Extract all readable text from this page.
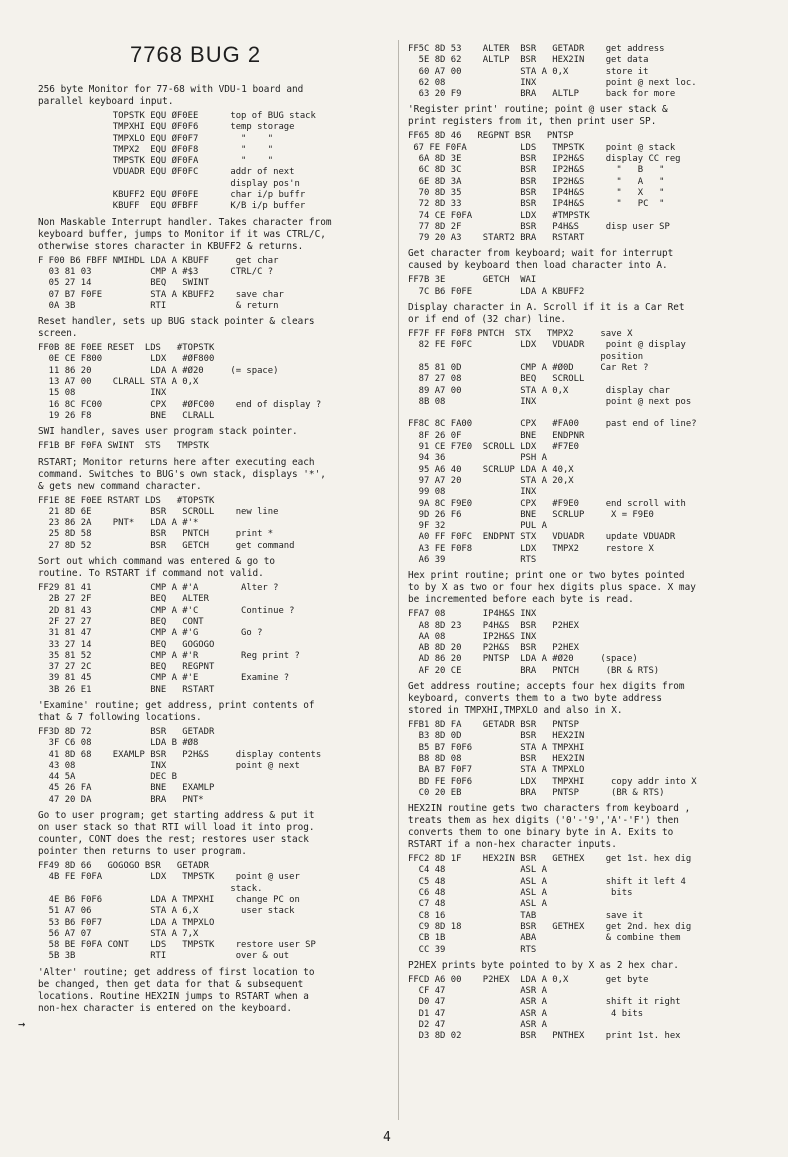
7768 BUG 2
256 byte Monitor for 77-68 with VDU-1 board and
parallel keyboard input.
TOPSTK EQU ØF0EE      top of BUG stack
TMPXHI EQU ØF0F6      temp storage
TMPXLO EQU ØF0F7        "    "
TMPX2  EQU ØF0F8        "    "
TMPSTK EQU ØF0FA        "    "
VDUADR EQU ØF0FC      addr of next
display pos'n
KBUFF2 EQU ØF0FE      char i/p buffr
KBUFF  EQU ØFBFF      K/B i/p buffer
Non Maskable Interrupt handler. Takes character from
keyboard buffer, jumps to Monitor if it was CTRL/C,
otherwise stores character in KBUFF2 & returns.
F F00 B6 FBFF NMIHDL LDA A KBUFF     get char
03 81 03           CMP A #$3      CTRL/C ?
05 27 14           BEQ   SWINT
07 B7 F0FE         STA A KBUFF2    save char
0A 3B              RTI             & return
Reset handler, sets up BUG stack pointer & clears
screen.
FF0B 8E F0EE RESET  LDS   #TOPSTK
0E CE F800         LDX   #ØF800
11 86 20           LDA A #Ø20     (= space)
13 A7 00    CLRALL STA A 0,X
15 08              INX
16 8C FC00         CPX   #ØFC00    end of display ?
19 26 F8           BNE   CLRALL
SWI handler, saves user program stack pointer.
FF1B BF F0FA SWINT  STS   TMPSTK
RSTART; Monitor returns here after executing each
command. Switches to BUG's own stack, displays '*',
& gets new command character.
FF1E 8E F0EE RSTART LDS   #TOPSTK
21 8D 6E           BSR   SCROLL    new line
23 86 2A    PNT*   LDA A #'*
25 8D 58           BSR   PNTCH     print *
27 8D 52           BSR   GETCH     get command
Sort out which command was entered & go to
routine. To RSTART if command not valid.
FF29 81 41           CMP A #'A        Alter ?
2B 27 2F           BEQ   ALTER
2D 81 43           CMP A #'C        Continue ?
2F 27 27           BEQ   CONT
31 81 47           CMP A #'G        Go ?
33 27 14           BEQ   GOGOGO
35 81 52           CMP A #'R        Reg print ?
37 27 2C           BEQ   REGPNT
39 81 45           CMP A #'E        Examine ?
3B 26 E1           BNE   RSTART
'Examine' routine; get address, print contents of
that & 7 following locations.
FF3D 8D 72           BSR   GETADR
3F C6 08           LDA B #Ø8
41 8D 68    EXAMLP BSR   P2H&S     display contents
43 08              INX             point @ next
44 5A              DEC B
45 26 FA           BNE   EXAMLP
47 20 DA           BRA   PNT*
Go to user program; get starting address & put it
on user stack so that RTI will load it into prog.
counter, CONT does the rest; restores user stack
pointer then returns to user program.
FF49 8D 66   GOGOGO BSR   GETADR
4B FE F0FA         LDX   TMPSTK    point @ user
stack.
4E B6 F0F6         LDA A TMPXHI    change PC on
51 A7 06           STA A 6,X        user stack
53 B6 F0F7         LDA A TMPXLO
56 A7 07           STA A 7,X
58 BE F0FA CONT    LDS   TMPSTK    restore user SP
5B 3B              RTI             over & out
'Alter' routine; get address of first location to
be changed, then get data for that & subsequent
locations. Routine HEX2IN jumps to RSTART when a
non-hex character is entered on the keyboard.
FF5C 8D 53    ALTER  BSR   GETADR    get address
5E 8D 62    ALTLP  BSR   HEX2IN    get data
60 A7 00           STA A 0,X       store it
62 08              INX             point @ next loc.
63 20 F9           BRA   ALTLP     back for more
'Register print' routine; point @ user stack &
print registers from it, then print user SP.
FF65 8D 46   REGPNT BSR   PNTSP
67 FE F0FA          LDS   TMPSTK    point @ stack
6A 8D 3E           BSR   IP2H&S    display CC reg
6C 8D 3C           BSR   IP2H&S      "   B   "
6E 8D 3A           BSR   IP2H&S      "   A   "
70 8D 35           BSR   IP4H&S      "   X   "
72 8D 33           BSR   IP4H&S      "   PC  "
74 CE F0FA         LDX   #TMPSTK
77 8D 2F           BSR   P4H&S     disp user SP
79 20 A3    START2 BRA   RSTART
Get character from keyboard; wait for interrupt
caused by keyboard then load character into A.
FF7B 3E       GETCH  WAI
7C B6 F0FE         LDA A KBUFF2
Display character in A. Scroll if it is a Car Ret
or if end of (32 char) line.
FF7F FF F0F8 PNTCH  STX   TMPX2     save X
82 FE F0FC         LDX   VDUADR    point @ display
position
85 81 0D           CMP A #Ø0D     Car Ret ?
87 27 08           BEQ   SCROLL
89 A7 00           STA A 0,X       display char
8B 08              INX             point @ next pos
FF8C 8C FA00         CPX   #FA00     past end of line?
8F 26 0F           BNE   ENDPNR
91 CE F7E0  SCROLL LDX   #F7E0
94 36              PSH A
95 A6 40    SCRLUP LDA A 40,X
97 A7 20           STA A 20,X
99 08              INX
9A 8C F9E0         CPX   #F9E0     end scroll with
9D 26 F6           BNE   SCRLUP     X = F9E0
9F 32              PUL A
A0 FF F0FC  ENDPNT STX   VDUADR    update VDUADR
A3 FE F0F8         LDX   TMPX2     restore X
A6 39              RTS
Hex print routine; print one or two bytes pointed
to by X as two or four hex digits plus space. X may
be incremented before each byte is read.
FFA7 08       IP4H&S INX
A8 8D 23    P4H&S  BSR   P2HEX
AA 08       IP2H&S INX
AB 8D 20    P2H&S  BSR   P2HEX
AD 86 20    PNTSP  LDA A #Ø20     (space)
AF 20 CE           BRA   PNTCH     (BR & RTS)
Get address routine; accepts four hex digits from
keyboard, converts them to a two byte address
stored in TMPXHI,TMPXLO and also in X.
FFB1 8D FA    GETADR BSR   PNTSP
B3 8D 0D           BSR   HEX2IN
B5 B7 F0F6         STA A TMPXHI
B8 8D 08           BSR   HEX2IN
BA B7 F0F7         STA A TMPXLO
BD FE F0F6         LDX   TMPXHI     copy addr into X
C0 20 EB           BRA   PNTSP      (BR & RTS)
HEX2IN routine gets two characters from keyboard ,
treats them as hex digits ('0'-'9','A'-'F') then
converts them to one binary byte in A. Exits to
RSTART if a non-hex character inputs.
FFC2 8D 1F    HEX2IN BSR   GETHEX    get 1st. hex dig
C4 48              ASL A
C5 48              ASL A           shift it left 4
C6 48              ASL A            bits
C7 48              ASL A
C8 16              TAB             save it
C9 8D 18           BSR   GETHEX    get 2nd. hex dig
CB 1B              ABA             & combine them
CC 39              RTS
P2HEX prints byte pointed to by X as 2 hex char.
FFCD A6 00    P2HEX  LDA A 0,X       get byte
CF 47              ASR A
D0 47              ASR A           shift it right
D1 47              ASR A            4 bits
D2 47              ASR A
D3 8D 02           BSR   PNTHEX    print 1st. hex
→
4
